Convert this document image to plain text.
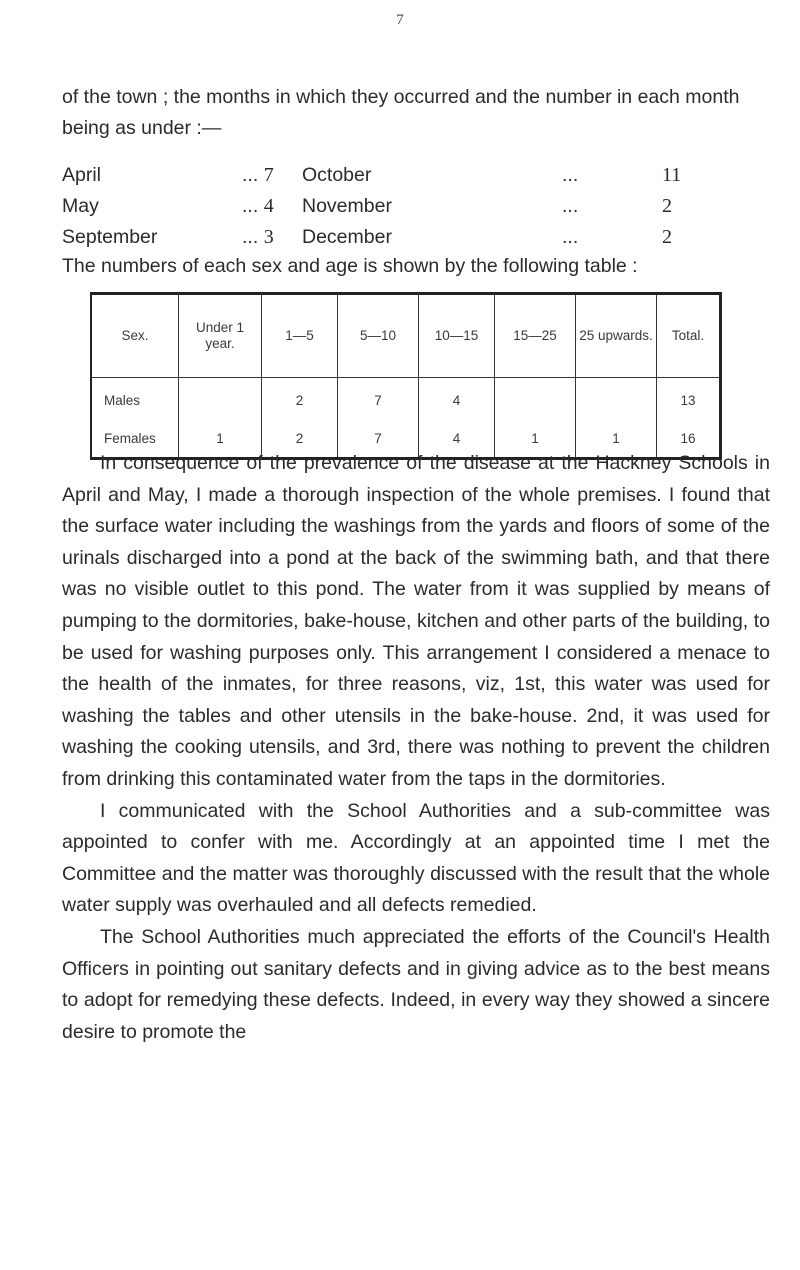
7
of the town ; the months in which they occurred and the number in each month being as under :—
April	... 7	October	...	11
May	... 4	November	...	2
September	... 3	December	...	2
The numbers of each sex and age is shown by the following table :
Sex.	Under 1 year.	1—5	5—10	10—15	15—25	25 upwards.	Total.
Males		2	7	4			13
Females	1	2	7	4	1	1	16

In consequence of the prevalence of the disease at the Hackney Schools in April and May, I made a thorough inspection of the whole premises. I found that the surface water including the washings from the yards and floors of some of the urinals discharged into a pond at the back of the swimming bath, and that there was no visible outlet to this pond. The water from it was supplied by means of pumping to the dormitories, bake-house, kitchen and other parts of the building, to be used for washing purposes only. This arrangement I considered a menace to the health of the inmates, for three reasons, viz, 1st, this water was used for washing the tables and other utensils in the bake-house. 2nd, it was used for washing the cooking utensils, and 3rd, there was nothing to prevent the children from drinking this contaminated water from the taps in the dormitories.

I communicated with the School Authorities and a sub-committee was appointed to confer with me. Accordingly at an appointed time I met the Committee and the matter was thoroughly discussed with the result that the whole water supply was overhauled and all defects remedied.

The School Authorities much appreciated the efforts of the Council's Health Officers in pointing out sanitary defects and in giving advice as to the best means to adopt for remedying these defects. Indeed, in every way they showed a sincere desire to promote the
